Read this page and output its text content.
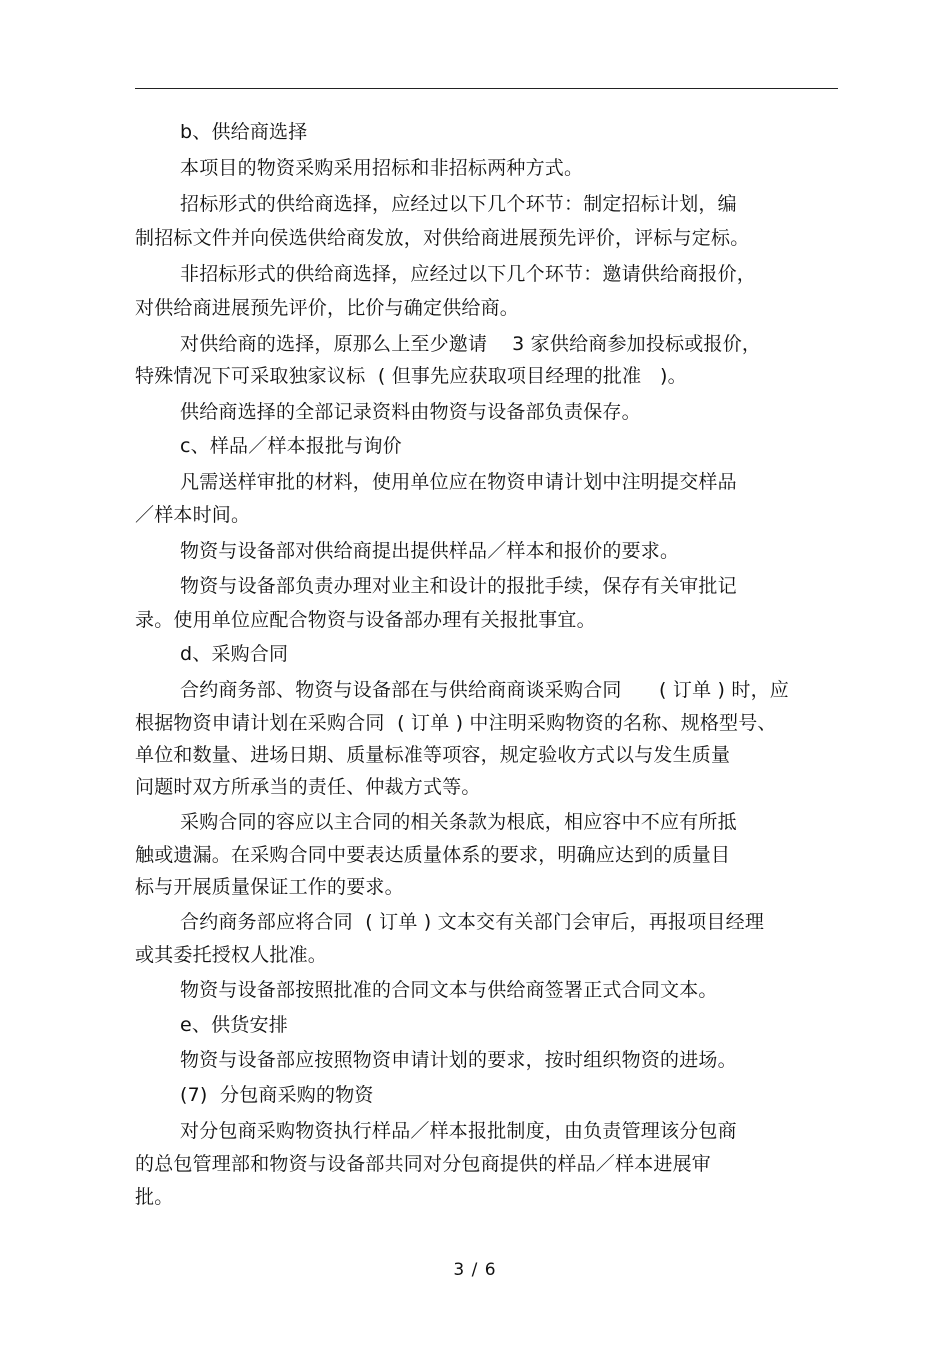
b、供给商选择
本项目的物资采购采用招标和非招标两种方式。
招标形式的供给商选择，应经过以下几个环节：制定招标计划，编
制招标文件并向侯选供给商发放，对供给商进展预先评价，评标与定标。
非招标形式的供给商选择，应经过以下几个环节：邀请供给商报价，
对供给商进展预先评价，比价与确定供给商。
对供给商的选择，原那么上至少邀请    3 家供给商参加投标或报价，
特殊情况下可采取独家议标  ( 但事先应获取项目经理的批准   )。
供给商选择的全部记录资料由物资与设备部负责保存。
c、样品／样本报批与询价
凡需送样审批的材料，使用单位应在物资申请计划中注明提交样品
／样本时间。
物资与设备部对供给商提出提供样品／样本和报价的要求。
物资与设备部负责办理对业主和设计的报批手续，保存有关审批记
录。使用单位应配合物资与设备部办理有关报批事宜。
d、采购合同
合约商务部、物资与设备部在与供给商商谈采购合同      ( 订单 ) 时，应
根据物资申请计划在采购合同  ( 订单 ) 中注明采购物资的名称、规格型号、
单位和数量、进场日期、质量标准等项容，规定验收方式以与发生质量
问题时双方所承当的责任、仲裁方式等。
采购合同的容应以主合同的相关条款为根底，相应容中不应有所抵
触或遗漏。在采购合同中要表达质量体系的要求，明确应达到的质量目
标与开展质量保证工作的要求。
合约商务部应将合同  ( 订单 ) 文本交有关部门会审后，再报项目经理
或其委托授权人批准。
物资与设备部按照批准的合同文本与供给商签署正式合同文本。
e、供货安排
物资与设备部应按照物资申请计划的要求，按时组织物资的进场。
(7)  分包商采购的物资
对分包商采购物资执行样品／样本报批制度，由负责管理该分包商
的总包管理部和物资与设备部共同对分包商提供的样品／样本进展审
批。
3 / 6
